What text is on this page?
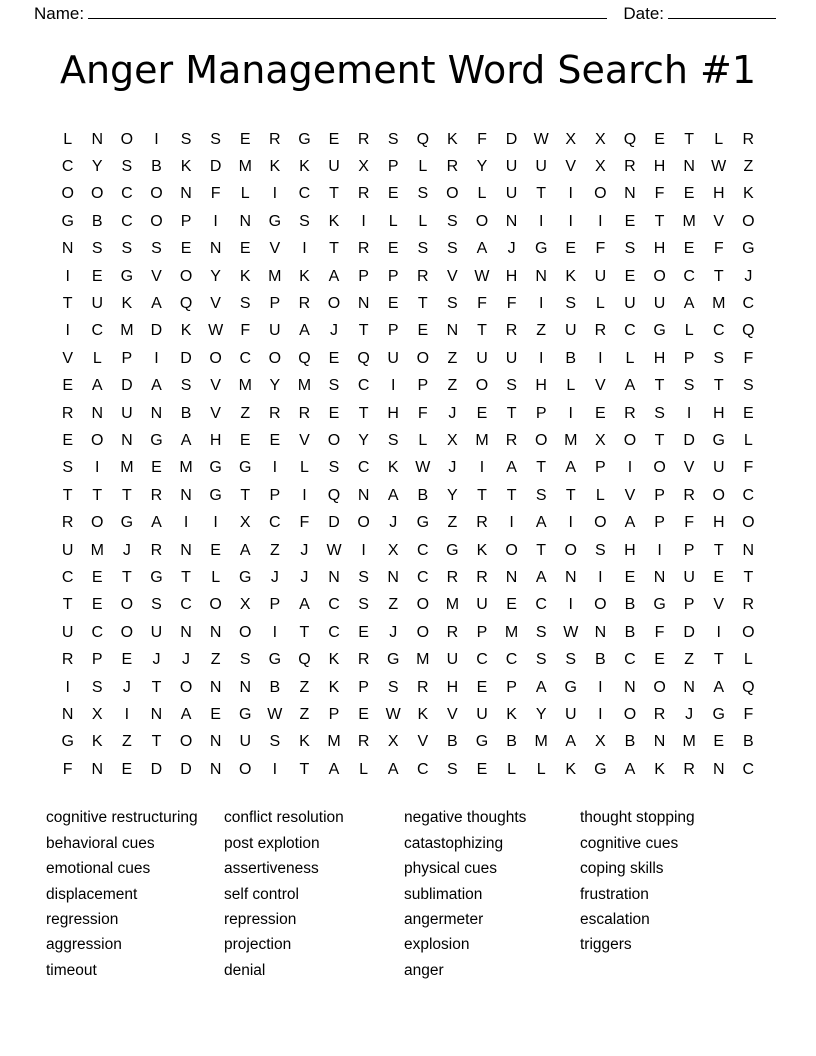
Name:	Date:
Anger Management Word Search #1
L	N	O	I	S	S	E	R	G	E	R	S	Q	K	F	D	W	X	X	Q	E	T	L	R
C	Y	S	B	K	D	M	K	K	U	X	P	L	R	Y	U	U	V	X	R	H	N	W	Z
O	O	C	O	N	F	L	I	C	T	R	E	S	O	L	U	T	I	O	N	F	E	H	K
G	B	C	O	P	I	N	G	S	K	I	L	L	S	O	N	I	I	I	E	T	M	V	O
N	S	S	S	E	N	E	V	I	T	R	E	S	S	A	J	G	E	F	S	H	E	F	G
I	E	G	V	O	Y	K	M	K	A	P	P	R	V	W	H	N	K	U	E	O	C	T	J
T	U	K	A	Q	V	S	P	R	O	N	E	T	S	F	F	I	S	L	U	U	A	M	C
I	C	M	D	K	W	F	U	A	J	T	P	E	N	T	R	Z	U	R	C	G	L	C	Q
V	L	P	I	D	O	C	O	Q	E	Q	U	O	Z	U	U	I	B	I	L	H	P	S	F
E	A	D	A	S	V	M	Y	M	S	C	I	P	Z	O	S	H	L	V	A	T	S	T	S
R	N	U	N	B	V	Z	R	R	E	T	H	F	J	E	T	P	I	E	R	S	I	H	E
E	O	N	G	A	H	E	E	V	O	Y	S	L	X	M	R	O	M	X	O	T	D	G	L
S	I	M	E	M	G	G	I	L	S	C	K	W	J	I	A	T	A	P	I	O	V	U	F
T	T	T	R	N	G	T	P	I	Q	N	A	B	Y	T	T	S	T	L	V	P	R	O	C
R	O	G	A	I	I	X	C	F	D	O	J	G	Z	R	I	A	I	O	A	P	F	H	O
U	M	J	R	N	E	A	Z	J	W	I	X	C	G	K	O	T	O	S	H	I	P	T	N
C	E	T	G	T	L	G	J	J	N	S	N	C	R	R	N	A	N	I	E	N	U	E	T
T	E	O	S	C	O	X	P	A	C	S	Z	O	M	U	E	C	I	O	B	G	P	V	R
U	C	O	U	N	N	O	I	T	C	E	J	O	R	P	M	S	W	N	B	F	D	I	O
R	P	E	J	J	Z	S	G	Q	K	R	G	M	U	C	C	S	S	B	C	E	Z	T	L
I	S	J	T	O	N	N	B	Z	K	P	S	R	H	E	P	A	G	I	N	O	N	A	Q
N	X	I	N	A	E	G	W	Z	P	E	W	K	V	U	K	Y	U	I	O	R	J	G	F
G	K	Z	T	O	N	U	S	K	M	R	X	V	B	G	B	M	A	X	B	N	M	E	B
F	N	E	D	D	N	O	I	T	A	L	A	C	S	E	L	L	K	G	A	K	R	N	C
cognitive restructuring
behavioral cues
emotional cues
displacement
regression
aggression
timeout
conflict resolution
post explotion
assertiveness
self control
repression
projection
denial
negative thoughts
catastophizing
physical cues
sublimation
angermeter
explosion
anger
thought stopping
cognitive cues
coping skills
frustration
escalation
triggers
